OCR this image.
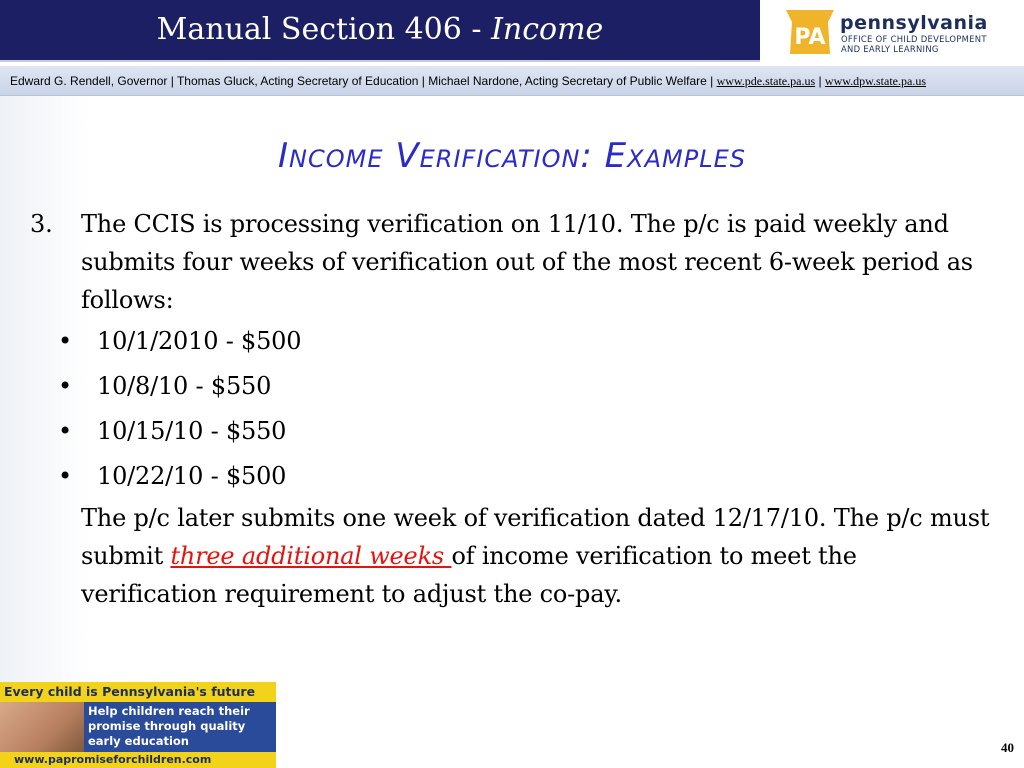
Manual Section 406 - Income	PA
pennsylvania
OFFICE OF CHILD DEVELOPMENT
AND EARLY LEARNING
Edward G. Rendell, Governor | Thomas Gluck, Acting Secretary of Education | Michael Nardone, Acting Secretary of Public Welfare | www.pde.state.pa.us | www.dpw.state.pa.us
Income Verification: Examples
3. The CCIS is processing verification on 11/10. The p/c is paid weekly and submits four weeks of verification out of the most recent 6-week period as follows:
• 10/1/2010 - $500
• 10/8/10 - $550
• 10/15/10 - $550
• 10/22/10 - $500
The p/c later submits one week of verification dated 12/17/10. The p/c must submit three additional weeks of income verification to meet the verification requirement to adjust the co-pay.
Every child is Pennsylvania's future
Help children reach their promise through quality early education
www.papromiseforchildren.com
40
